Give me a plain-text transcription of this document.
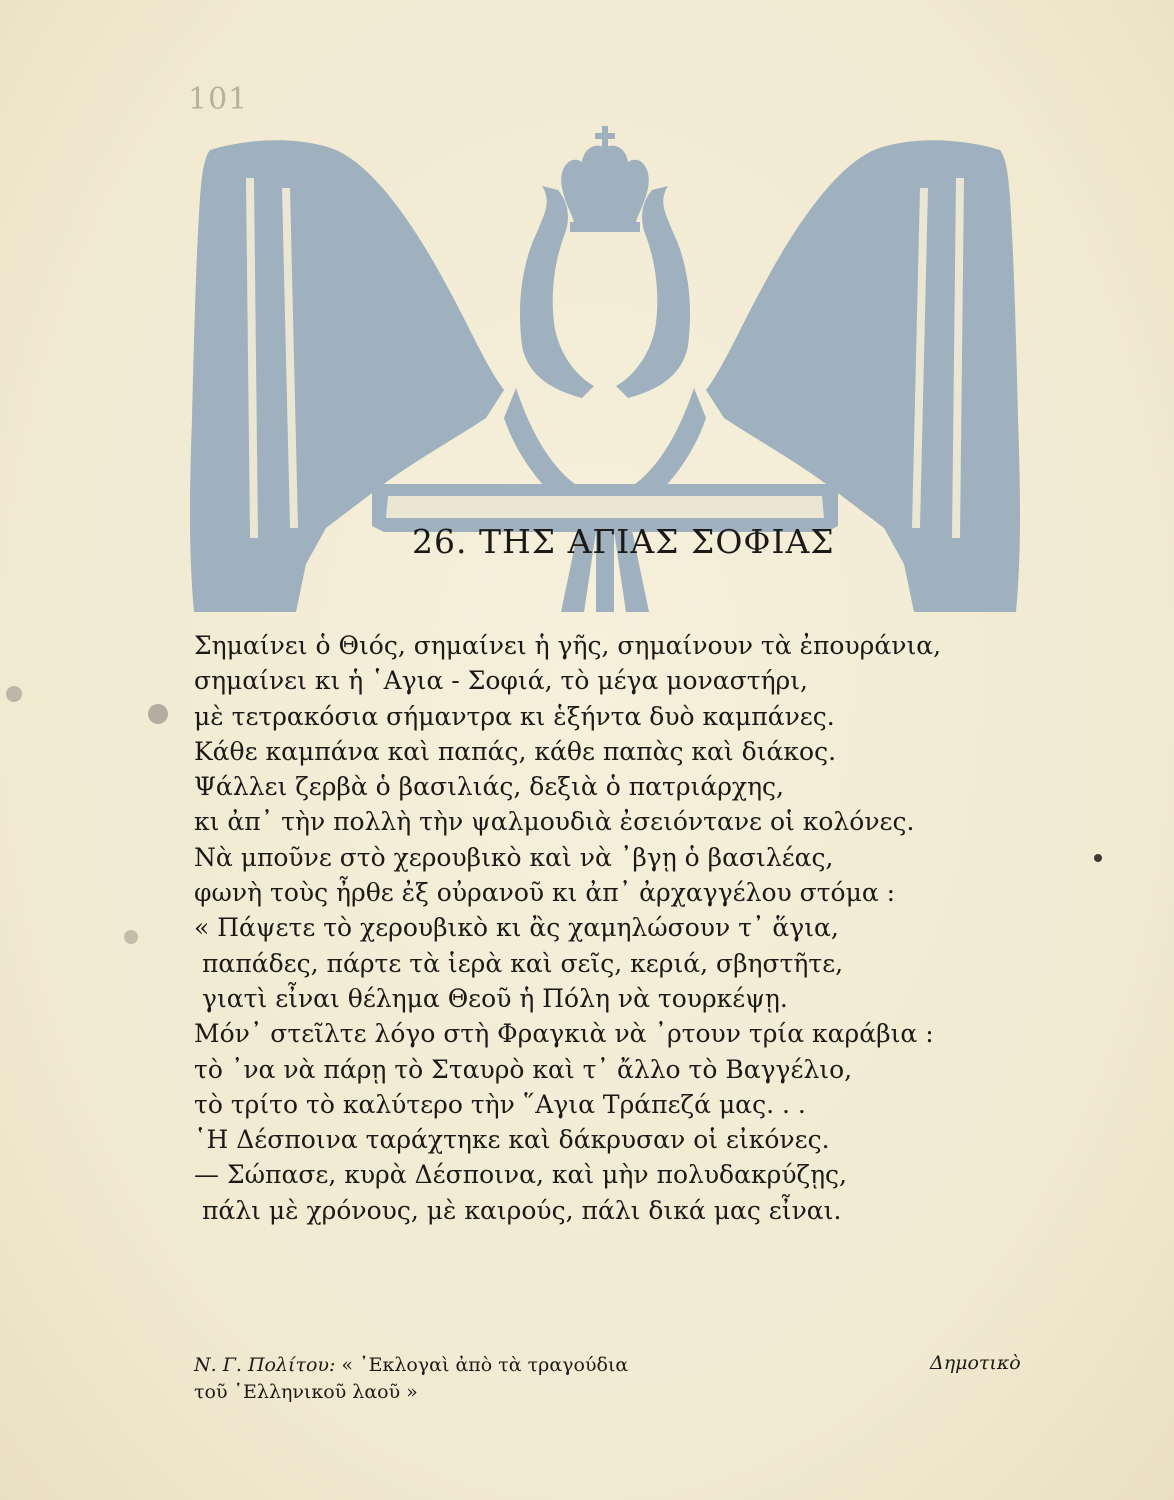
101
26. ΤΗΣ ΑΓΙΑΣ ΣΟΦΙΑΣ
Σημαίνει ὁ Θιός, σημαίνει ἡ γῆς, σημαίνουν τὰ ἐπουράνια,
σημαίνει κι ἡ ῾Αγια - Σοφιά, τὸ μέγα μοναστήρι,
μὲ τετρακόσια σήμαντρα κι ἑξήντα δυὸ καμπάνες.
Κάθε καμπάνα καὶ παπάς, κάθε παπὰς καὶ διάκος.
Ψάλλει ζερβὰ ὁ βασιλιάς, δεξιὰ ὁ πατριάρχης,
κι ἀπ᾽ τὴν πολλὴ τὴν ψαλμουδιὰ ἐσειόντανε οἱ κολόνες.
Νὰ μποῦνε στὸ χερουβικὸ καὶ νὰ ᾽βγῃ ὁ βασιλέας,
φωνὴ τοὺς ἦρθε ἐξ οὐρανοῦ κι ἀπ᾽ ἀρχαγγέλου στόμα :
« Πάψετε τὸ χερουβικὸ κι ἂς χαμηλώσουν τ᾽ ἅγια,
παπάδες, πάρτε τὰ ἱερὰ καὶ σεῖς, κεριά, σβηστῆτε,
γιατὶ εἶναι θέλημα Θεοῦ ἡ Πόλη νὰ τουρκέψῃ.
Μόν᾽ στεῖλτε λόγο στὴ Φραγκιὰ νὰ ᾽ρτουν τρία καράβια :
τὸ ᾽να νὰ πάρῃ τὸ Σταυρὸ καὶ τ᾽ ἄλλο τὸ Βαγγέλιο,
τὸ τρίτο τὸ καλύτερο τὴν ῞Αγια Τράπεζά μας. . .
῾Η Δέσποινα ταράχτηκε καὶ δάκρυσαν οἱ εἰκόνες.
— Σώπασε, κυρὰ Δέσποινα, καὶ μὴν πολυδακρύζῃς,
πάλι μὲ χρόνους, μὲ καιρούς, πάλι δικά μας εἶναι.
Ν. Γ. Πολίτου: « ᾽Εκλογαὶ ἀπὸ τὰ τραγούδια
τοῦ ῾Ελληνικοῦ λαοῦ »
Δημοτικὸ
